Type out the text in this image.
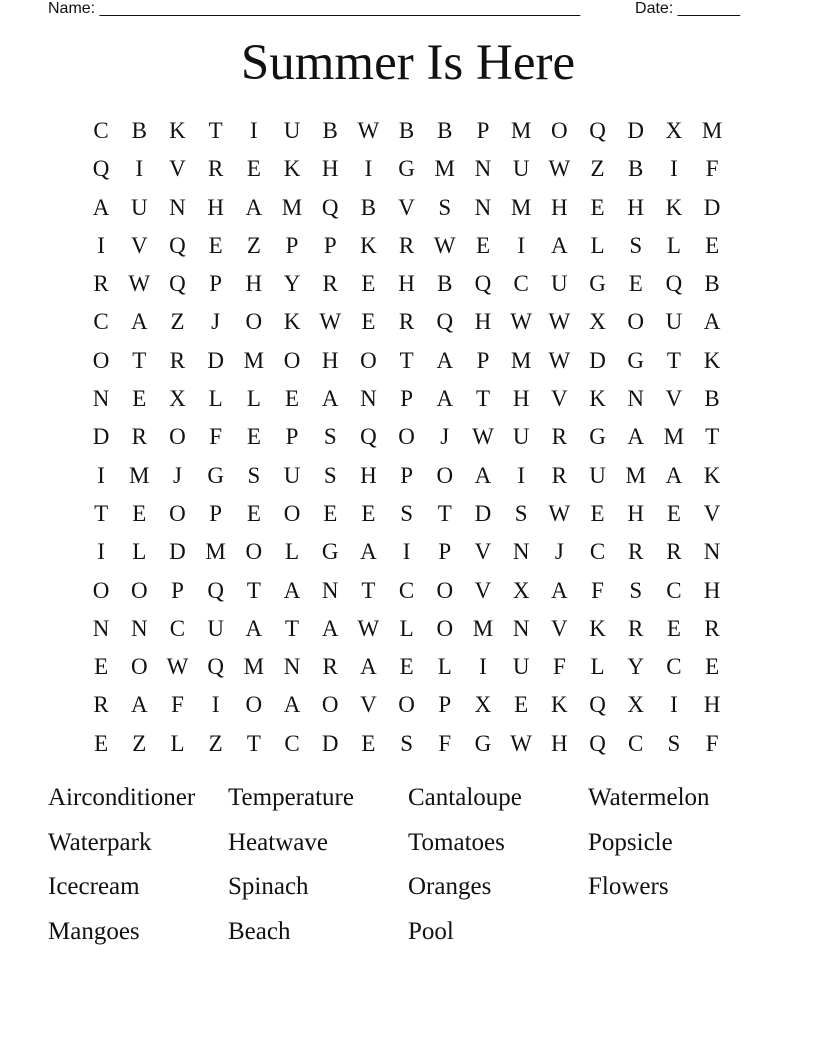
Name: ______________________________________________________	Date: _______
Summer Is Here
C B K T	I	U B W B B	P M O Q D X M
Q	I	V R	E K H	I	G M N U W Z	B	I	F
A U N H A M Q B V	S	N M H E H K D
I	V Q E	Z	P	P	K R W E	I	A L	S	L	E
R W Q	P	H Y R	E H B Q C U G E Q B
C A Z	J	O K W E	R Q H W W X O U A
O T	R D M O H O T A	P M W D G T K
N E X L	L	E A N	P	A T H V K N V B
D R O	F	E	P	S	Q O	J W U R G A M T
I	M	J	G	S	U	S	H	P	O A	I	R U M A K
T	E O	P	E O E	E	S	T D	S W E H E V
I	L D M O L G A	I	P	V N	J	C R R N
O O	P	Q T A N T	C O V X A	F	S	C H
N N C U A T A W L O M N V K R	E	R
E O W Q M N R A E	L	I	U	F	L Y C	E
R A	F	I	O A O V O	P	X E K Q X	I	H
E	Z	L	Z	T	C D E	S	F	G W H Q C	S	F
Airconditioner	Temperature	Cantaloupe	Watermelon
Waterpark	Heatwave	Tomatoes	Popsicle
Icecream	Spinach	Oranges	Flowers
Mangoes	Beach	Pool
